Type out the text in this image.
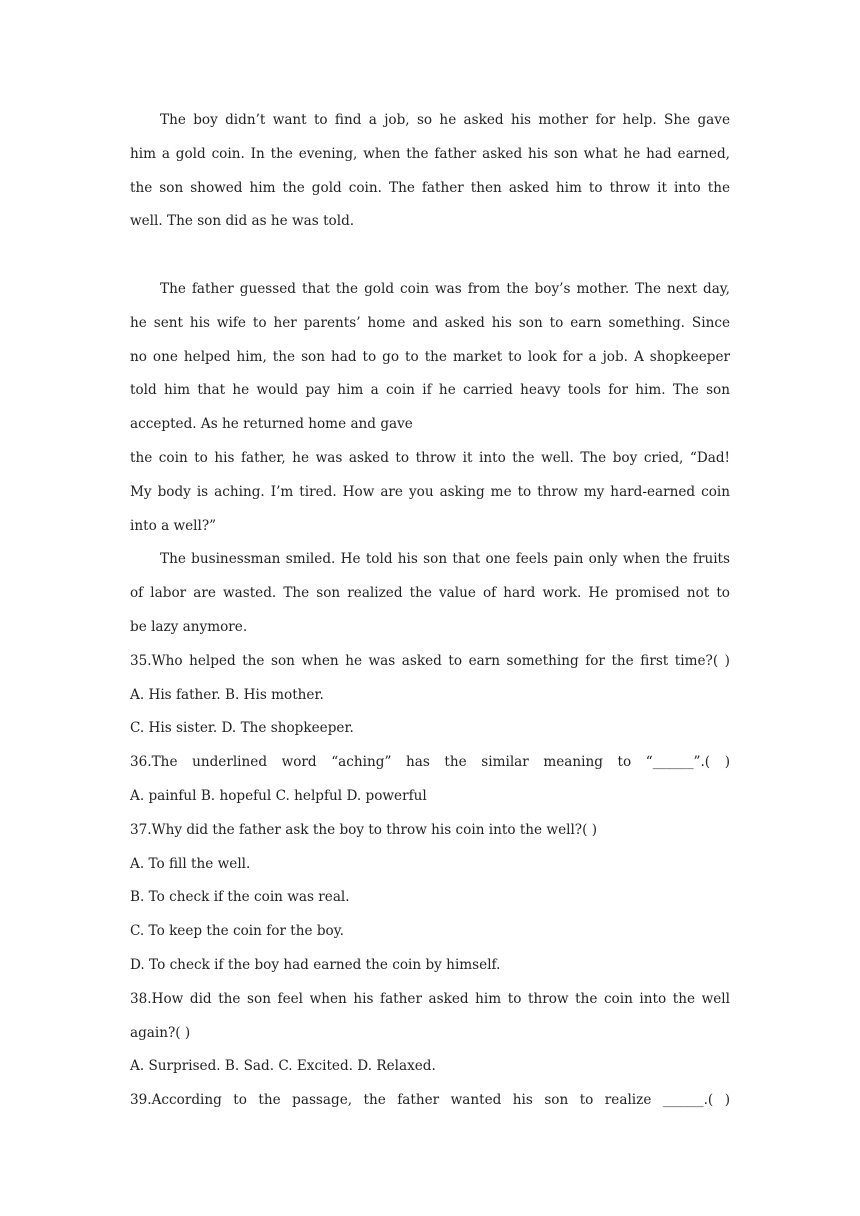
The boy didn’t want to find a job, so he asked his mother for help. She gave
him a gold coin. In the evening, when the father asked his son what he had earned,
the son showed him the gold coin. The father then asked him to throw it into the
well. The son did as he was told.
The father guessed that the gold coin was from the boy’s mother. The next day,
he sent his wife to her parents’ home and asked his son to earn something. Since
no one helped him, the son had to go to the market to look for a job. A shopkeeper
told him that he would pay him a coin if he carried heavy tools for him. The son
accepted. As he returned home and gave
the coin to his father, he was asked to throw it into the well. The boy cried, “Dad!
My body is aching. I’m tired. How are you asking me to throw my hard-earned coin
into a well?”
The businessman smiled. He told his son that one feels pain only when the fruits
of labor are wasted. The son realized the value of hard work. He promised not to
be lazy anymore.
35.Who helped the son when he was asked to earn something for the first time?( )
A. His father. B. His mother.
C. His sister. D. The shopkeeper.
36.The underlined word “aching” has the similar meaning to “______”.( )
A. painful B. hopeful C. helpful D. powerful
37.Why did the father ask the boy to throw his coin into the well?( )
A. To fill the well.
B. To check if the coin was real.
C. To keep the coin for the boy.
D. To check if the boy had earned the coin by himself.
38.How did the son feel when his father asked him to throw the coin into the well
again?( )
A. Surprised. B. Sad. C. Excited. D. Relaxed.
39.According to the passage, the father wanted his son to realize ______.( )
